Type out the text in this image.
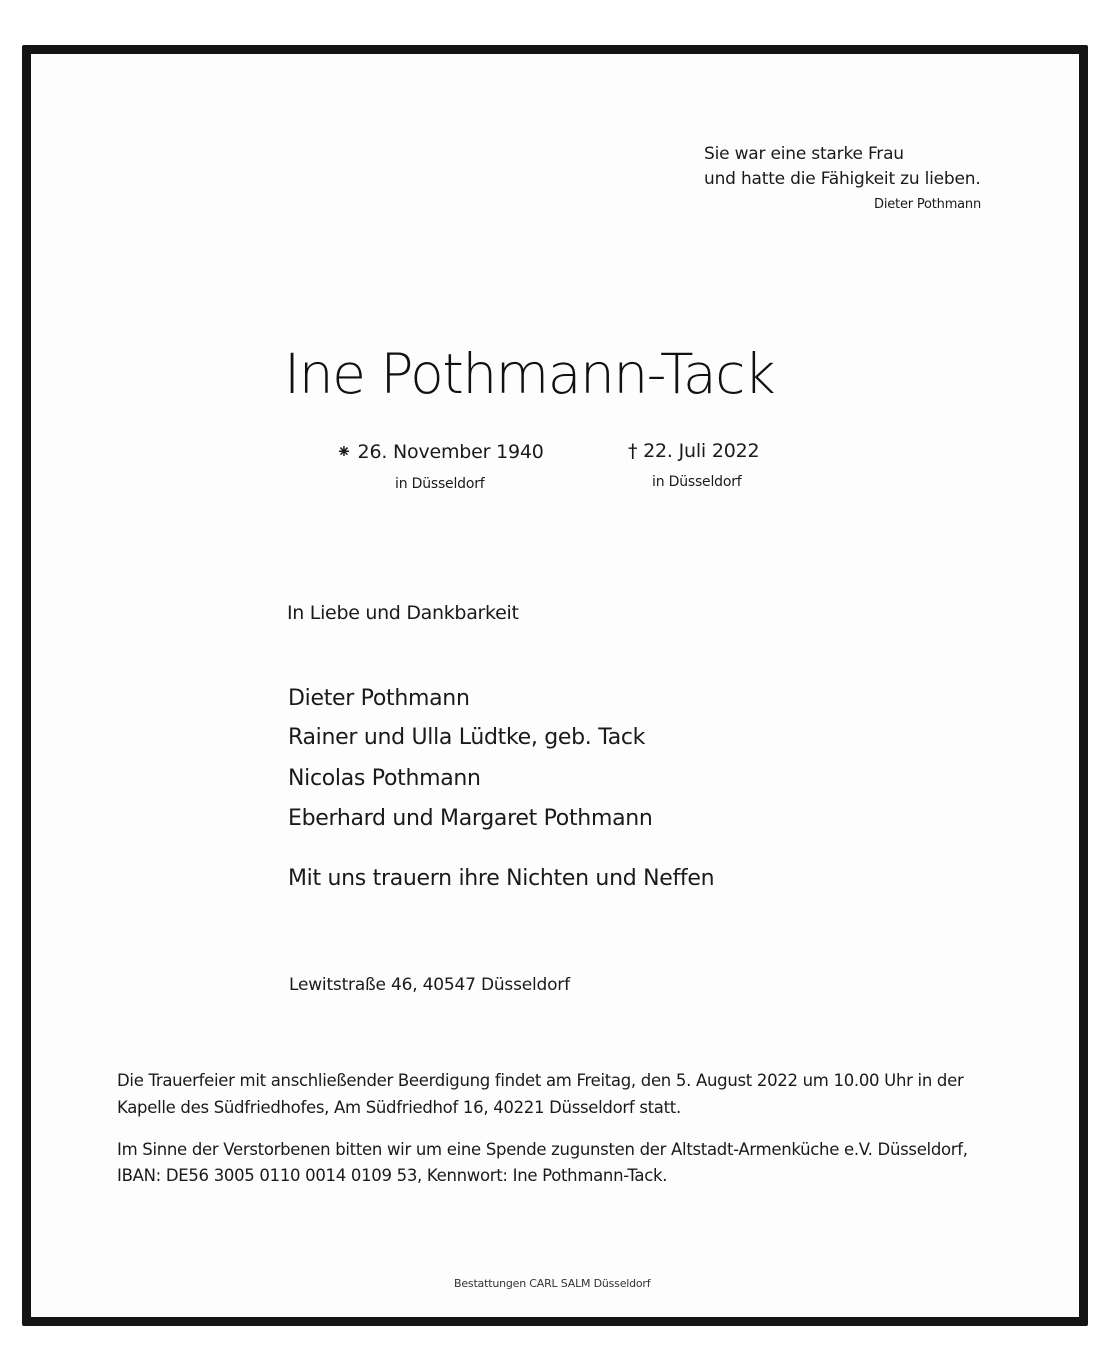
Sie war eine starke Frau
und hatte die Fähigkeit zu lieben.
Dieter Pothmann
Ine Pothmann-Tack
⁕ 26. November 1940
in Düsseldorf
† 22. Juli 2022
in Düsseldorf
In Liebe und Dankbarkeit
Dieter Pothmann
Rainer und Ulla Lüdtke, geb. Tack
Nicolas Pothmann
Eberhard und Margaret Pothmann
Mit uns trauern ihre Nichten und Neffen
Lewitstraße 46, 40547 Düsseldorf
Die Trauerfeier mit anschließender Beerdigung findet am Freitag, den 5. August 2022 um 10.00 Uhr in der
Kapelle des Südfriedhofes, Am Südfriedhof 16, 40221 Düsseldorf statt.
Im Sinne der Verstorbenen bitten wir um eine Spende zugunsten der Altstadt-Armenküche e.V. Düsseldorf,
IBAN: DE56 3005 0110 0014 0109 53, Kennwort: Ine Pothmann-Tack.
Bestattungen CARL SALM Düsseldorf
